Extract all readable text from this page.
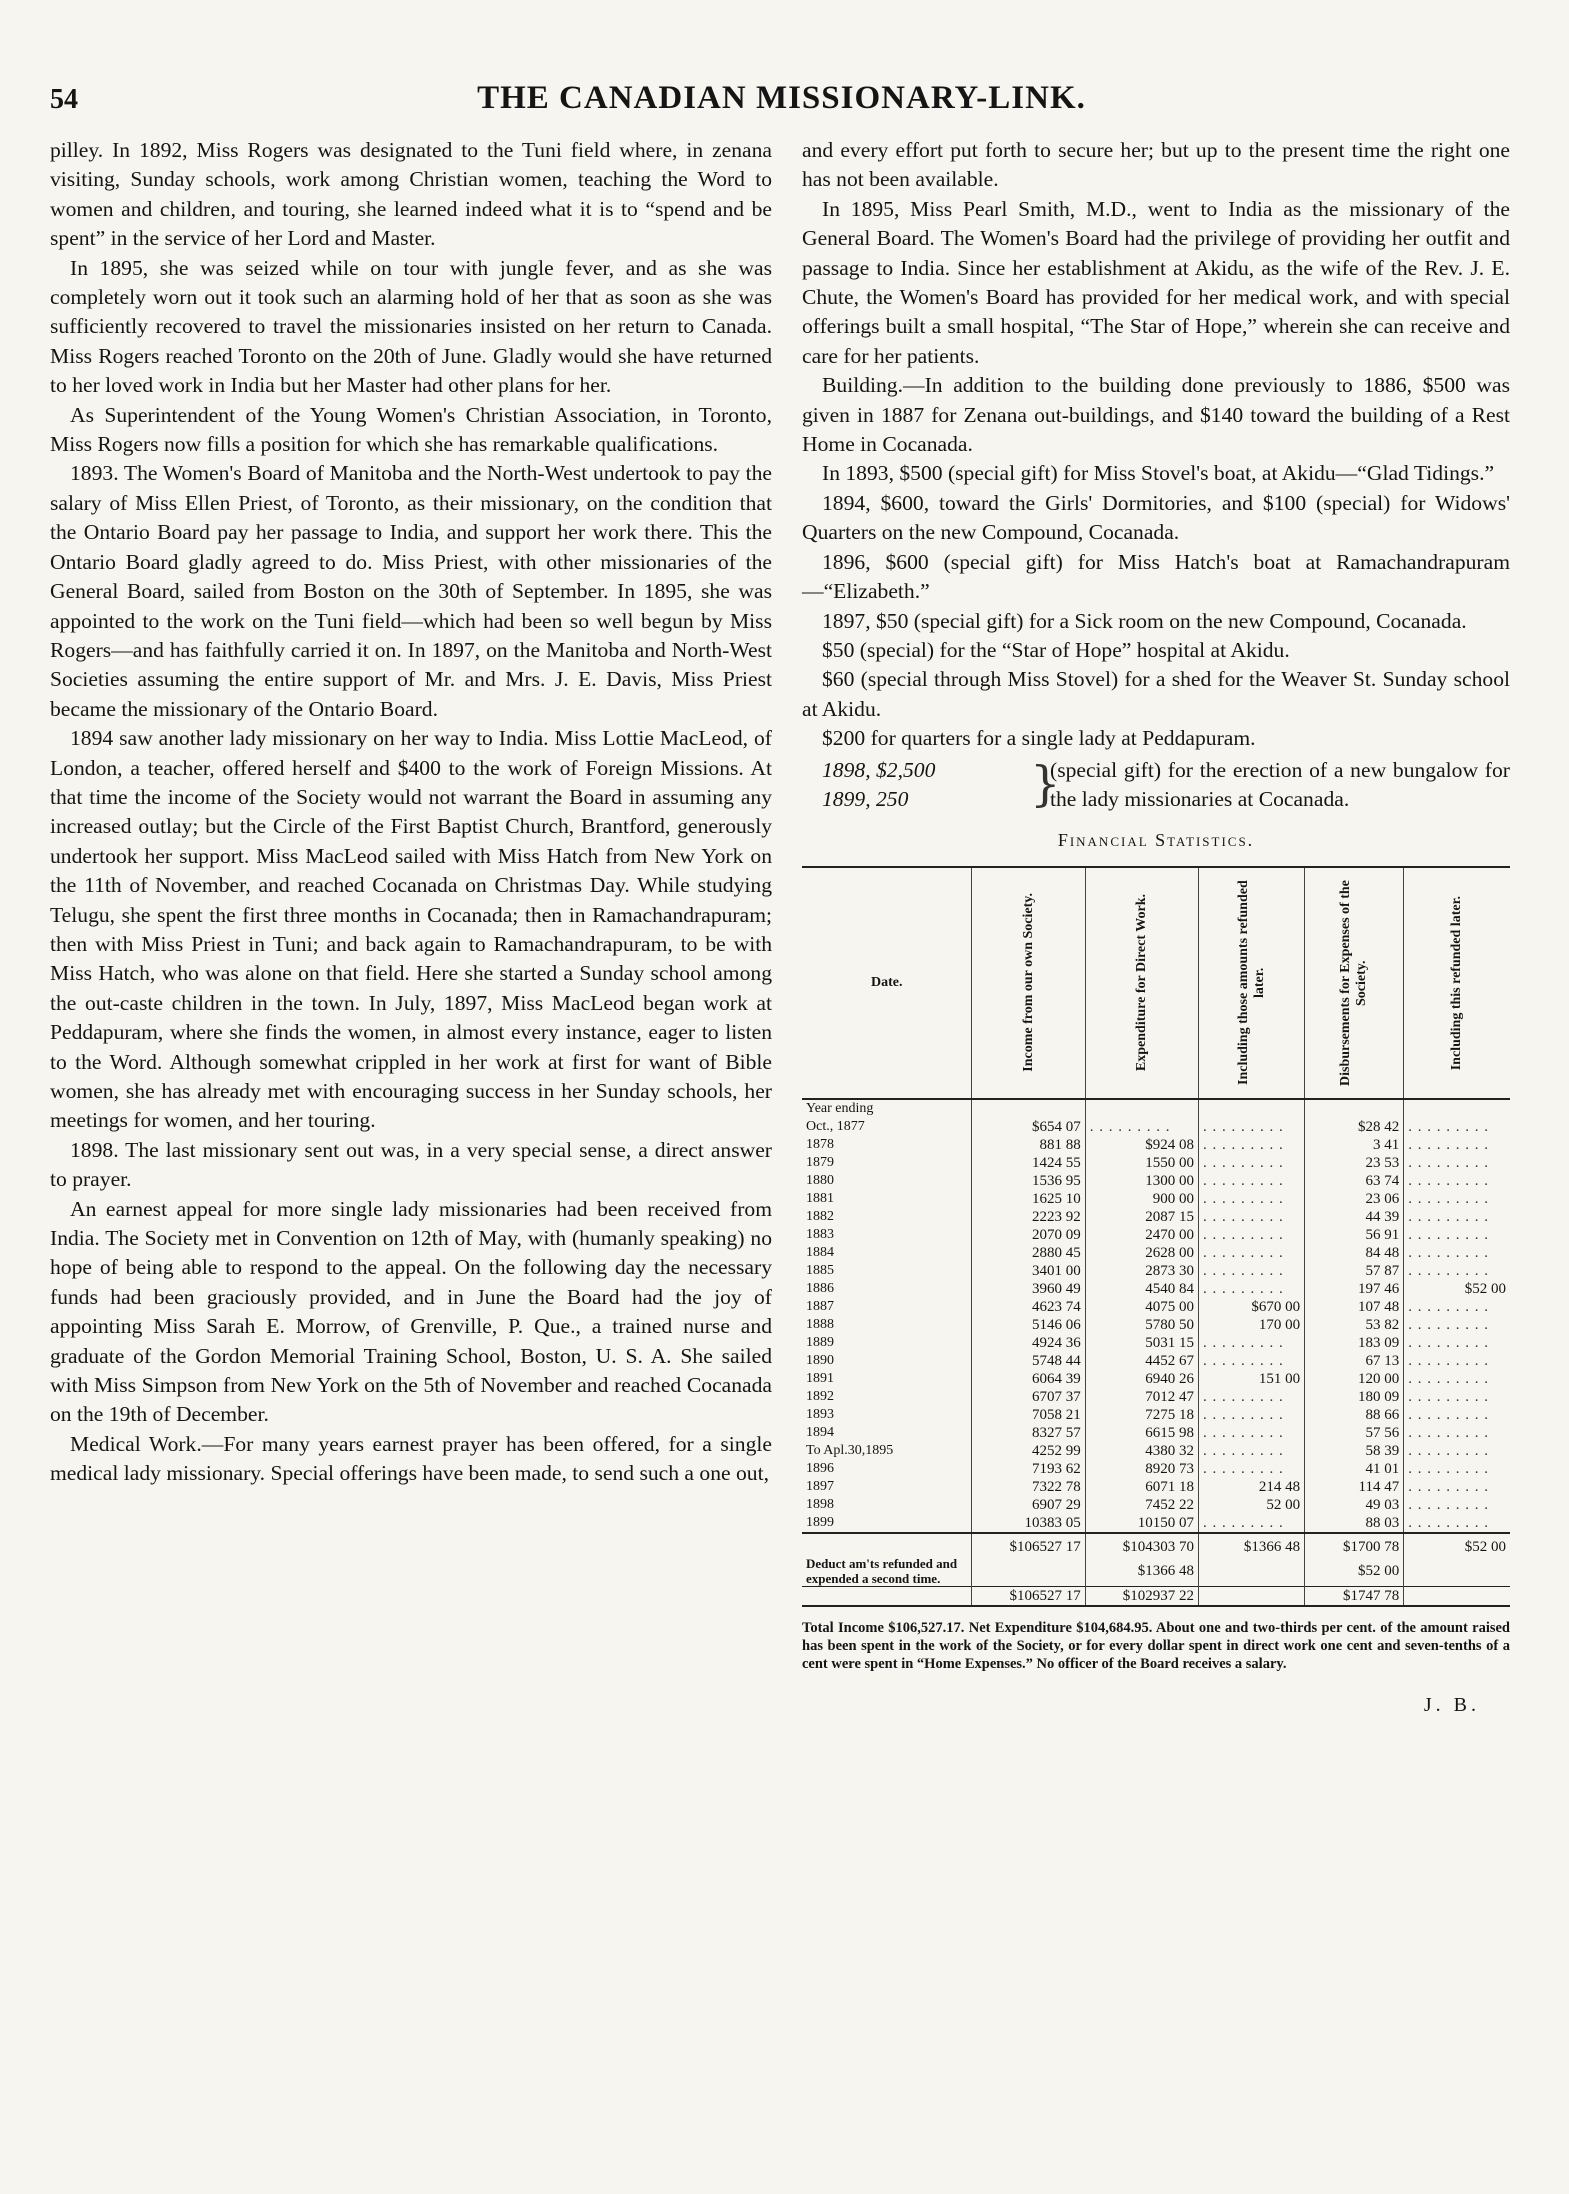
54	THE CANADIAN MISSIONARY-LINK.

pilley. In 1892, Miss Rogers was designated to the Tuni field where, in zenana visiting, Sunday schools, work among Christian women, teaching the Word to women and children, and touring, she learned indeed what it is to “spend and be spent” in the service of her Lord and Master.

In 1895, she was seized while on tour with jungle fever, and as she was completely worn out it took such an alarming hold of her that as soon as she was sufficiently recovered to travel the missionaries insisted on her return to Canada. Miss Rogers reached Toronto on the 20th of June. Gladly would she have returned to her loved work in India but her Master had other plans for her.

As Superintendent of the Young Women's Christian Association, in Toronto, Miss Rogers now fills a position for which she has remarkable qualifications.

1893. The Women's Board of Manitoba and the North-West undertook to pay the salary of Miss Ellen Priest, of Toronto, as their missionary, on the condition that the Ontario Board pay her passage to India, and support her work there. This the Ontario Board gladly agreed to do. Miss Priest, with other missionaries of the General Board, sailed from Boston on the 30th of September. In 1895, she was appointed to the work on the Tuni field—which had been so well begun by Miss Rogers—and has faithfully carried it on. In 1897, on the Manitoba and North-West Societies assuming the entire support of Mr. and Mrs. J. E. Davis, Miss Priest became the missionary of the Ontario Board.

1894 saw another lady missionary on her way to India. Miss Lottie MacLeod, of London, a teacher, offered herself and $400 to the work of Foreign Missions. At that time the income of the Society would not warrant the Board in assuming any increased outlay; but the Circle of the First Baptist Church, Brantford, generously undertook her support. Miss MacLeod sailed with Miss Hatch from New York on the 11th of November, and reached Cocanada on Christmas Day. While studying Telugu, she spent the first three months in Cocanada; then in Ramachandrapuram; then with Miss Priest in Tuni; and back again to Ramachandrapuram, to be with Miss Hatch, who was alone on that field. Here she started a Sunday school among the out-caste children in the town. In July, 1897, Miss MacLeod began work at Peddapuram, where she finds the women, in almost every instance, eager to listen to the Word. Although somewhat crippled in her work at first for want of Bible women, she has already met with encouraging success in her Sunday schools, her meetings for women, and her touring.

1898. The last missionary sent out was, in a very special sense, a direct answer to prayer.

An earnest appeal for more single lady missionaries had been received from India. The Society met in Convention on 12th of May, with (humanly speaking) no hope of being able to respond to the appeal. On the following day the necessary funds had been graciously provided, and in June the Board had the joy of appointing Miss Sarah E. Morrow, of Grenville, P. Que., a trained nurse and graduate of the Gordon Memorial Training School, Boston, U. S. A. She sailed with Miss Simpson from New York on the 5th of November and reached Cocanada on the 19th of December.

Medical Work.—For many years earnest prayer has been offered, for a single medical lady missionary. Special offerings have been made, to send such a one out,

and every effort put forth to secure her; but up to the present time the right one has not been available.

In 1895, Miss Pearl Smith, M.D., went to India as the missionary of the General Board. The Women's Board had the privilege of providing her outfit and passage to India. Since her establishment at Akidu, as the wife of the Rev. J. E. Chute, the Women's Board has provided for her medical work, and with special offerings built a small hospital, “The Star of Hope,” wherein she can receive and care for her patients.

Building.—In addition to the building done previously to 1886, $500 was given in 1887 for Zenana out-buildings, and $140 toward the building of a Rest Home in Cocanada.

In 1893, $500 (special gift) for Miss Stovel's boat, at Akidu—“Glad Tidings.”

1894, $600, toward the Girls' Dormitories, and $100 (special) for Widows' Quarters on the new Compound, Cocanada.

1896, $600 (special gift) for Miss Hatch's boat at Ramachandrapuram—“Elizabeth.”

1897, $50 (special gift) for a Sick room on the new Compound, Cocanada.

$50 (special) for the “Star of Hope” hospital at Akidu.

$60 (special through Miss Stovel) for a shed for the Weaver St. Sunday school at Akidu.

$200 for quarters for a single lady at Peddapuram.

1898, $2,500
1899, 250	}
(special gift) for the erection of a new bungalow for the lady missionaries at Cocanada.
Financial Statistics.
Date.	Income from our own Society.	Expenditure for Direct Work.	Including those amounts refunded later.	Disbursements for Expenses of the Society.	Including this refunded later.

Year ending					
Oct., 1877	$654 07	. . . . . . . . .	. . . . . . . . .	$28 42	. . . . . . . . .
1878	881 88	$924 08	. . . . . . . . .	3 41	. . . . . . . . .
1879	1424 55	1550 00	. . . . . . . . .	23 53	. . . . . . . . .
1880	1536 95	1300 00	. . . . . . . . .	63 74	. . . . . . . . .
1881	1625 10	900 00	. . . . . . . . .	23 06	. . . . . . . . .
1882	2223 92	2087 15	. . . . . . . . .	44 39	. . . . . . . . .
1883	2070 09	2470 00	. . . . . . . . .	56 91	. . . . . . . . .
1884	2880 45	2628 00	. . . . . . . . .	84 48	. . . . . . . . .
1885	3401 00	2873 30	. . . . . . . . .	57 87	. . . . . . . . .
1886	3960 49	4540 84	. . . . . . . . .	197 46	$52 00
1887	4623 74	4075 00	$670 00	107 48	. . . . . . . . .
1888	5146 06	5780 50	170 00	53 82	. . . . . . . . .
1889	4924 36	5031 15	. . . . . . . . .	183 09	. . . . . . . . .
1890	5748 44	4452 67	. . . . . . . . .	67 13	. . . . . . . . .
1891	6064 39	6940 26	151 00	120 00	. . . . . . . . .
1892	6707 37	7012 47	. . . . . . . . .	180 09	. . . . . . . . .
1893	7058 21	7275 18	. . . . . . . . .	88 66	. . . . . . . . .
1894	8327 57	6615 98	. . . . . . . . .	57 56	. . . . . . . . .
To Apl.30,1895	4252 99	4380 32	. . . . . . . . .	58 39	. . . . . . . . .
1896	7193 62	8920 73	. . . . . . . . .	41 01	. . . . . . . . .
1897	7322 78	6071 18	214 48	114 47	. . . . . . . . .
1898	6907 29	7452 22	52 00	49 03	. . . . . . . . .
1899	10383 05	10150 07	. . . . . . . . .	88 03	. . . . . . . . .
	$106527 17	$104303 70	$1366 48	$1700 78	$52 00
Deduct am'ts refunded and expended a second time.		$1366 48		$52 00	
	$106527 17	$102937 22		$1747 78	
Total Income $106,527.17. Net Expenditure $104,684.95. About one and two-thirds per cent. of the amount raised has been spent in the work of the Society, or for every dollar spent in direct work one cent and seven-tenths of a cent were spent in “Home Expenses.” No officer of the Board receives a salary.
J. B.
